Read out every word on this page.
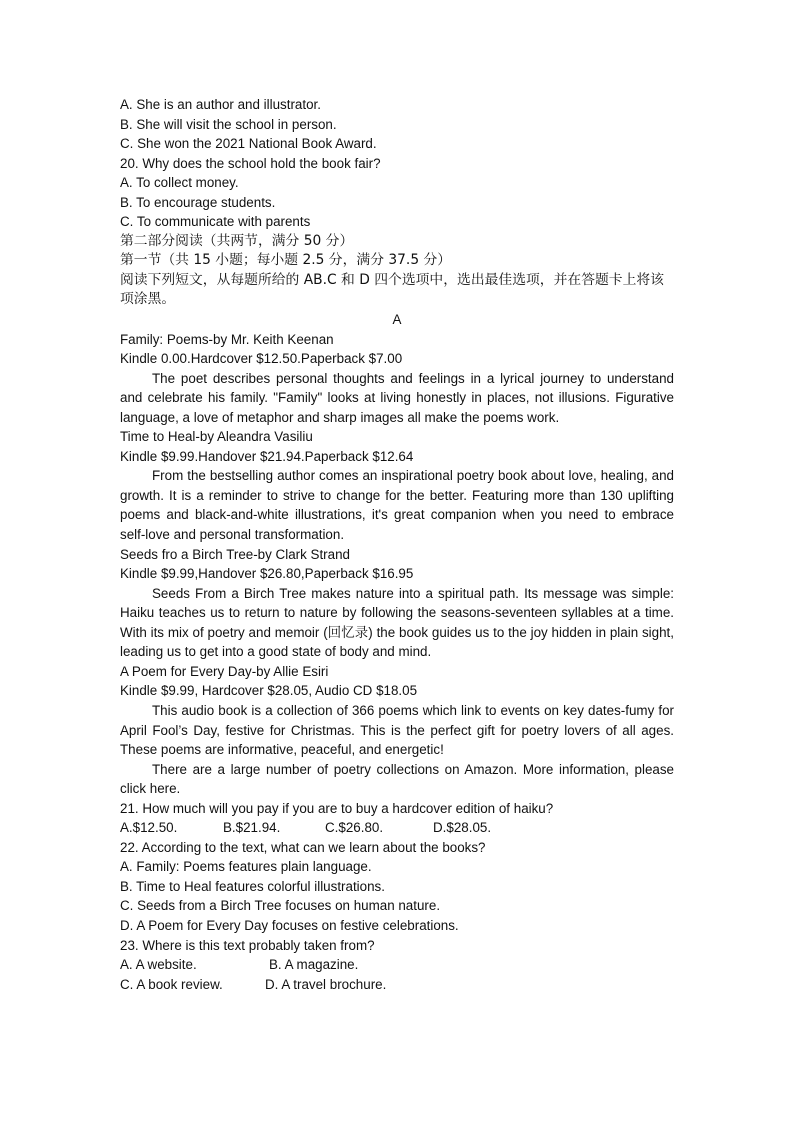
A. She is an author and illustrator.
B. She will visit the school in person.
C. She won the 2021 National Book Award.
20. Why does the school hold the book fair?
A. To collect money.
B. To encourage students.
C. To communicate with parents
第二部分阅读（共两节，满分 50 分）
第一节（共 15 小题；每小题 2.5 分，满分 37.5 分）
阅读下列短文，从每题所给的 AB.C 和 D 四个选项中，选出最佳选项，并在答题卡上将该项涂黑。
A
Family: Poems-by Mr. Keith Keenan
Kindle 0.00.Hardcover $12.50.Paperback $7.00
The poet describes personal thoughts and feelings in a lyrical journey to understand and celebrate his family. "Family" looks at living honestly in places, not illusions. Figurative language, a love of metaphor and sharp images all make the poems work.
Time to Heal-by Aleandra Vasiliu
Kindle $9.99.Handover $21.94.Paperback $12.64
From the bestselling author comes an inspirational poetry book about love, healing, and growth. It is a reminder to strive to change for the better. Featuring more than 130 uplifting poems and black-and-white illustrations, it's great companion when you need to embrace self-love and personal transformation.
Seeds fro a Birch Tree-by Clark Strand
Kindle $9.99,Handover $26.80,Paperback $16.95
Seeds From a Birch Tree makes nature into a spiritual path. Its message was simple: Haiku teaches us to return to nature by following the seasons-seventeen syllables at a time. With its mix of poetry and memoir (回忆录) the book guides us to the joy hidden in plain sight, leading us to get into a good state of body and mind.
A Poem for Every Day-by Allie Esiri
Kindle $9.99, Hardcover $28.05, Audio CD $18.05
This audio book is a collection of 366 poems which link to events on key dates-fumy for April Fool’s Day, festive for Christmas. This is the perfect gift for poetry lovers of all ages. These poems are informative, peaceful, and energetic!
There are a large number of poetry collections on Amazon. More information, please click here.
21. How much will you pay if you are to buy a hardcover edition of haiku?
A.$12.50.	B.$21.94.	C.$26.80.	D.$28.05.
22. According to the text, what can we learn about the books?
A. Family: Poems features plain language.
B. Time to Heal features colorful illustrations.
C. Seeds from a Birch Tree focuses on human nature.
D. A Poem for Every Day focuses on festive celebrations.
23. Where is this text probably taken from?
A. A website.	B. A magazine.
C. A book review.	D. A travel brochure.
